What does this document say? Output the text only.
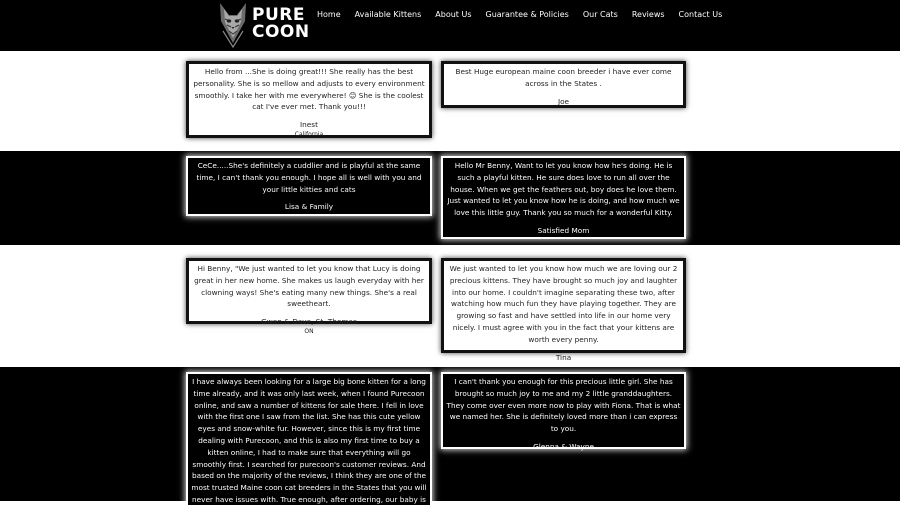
PURE
COON
Home Available Kittens About Us Guarantee & Policies Our Cats Reviews Contact Us
Hello from ...She is doing great!!! She really has the best personality. She is so mellow and adjusts to every environment smoothly. I take her with me everywhere! 😊 She is the coolest cat I've ever met. Thank you!!!
Inest
California
Best Huge european maine coon breeder i have ever come across in the States .
Joe
CeCe.....She's definitely a cuddlier and is playful at the same time, I can't thank you enough. I hope all is well with you and your little kitties and cats
Lisa & Family
Hello Mr Benny, Want to let you know how he's doing. He is such a playful kitten. He sure does love to run all over the house. When we get the feathers out, boy does he love them. Just wanted to let you know how he is doing, and how much we love this little guy. Thank you so much for a wonderful Kitty.
Satisfied Mom
Hi Benny, "We just wanted to let you know that Lucy is doing great in her new home. She makes us laugh everyday with her clowning ways! She's eating many new things. She's a real sweetheart.
Gwen & Dave, St. Thomas
ON
We just wanted to let you know how much we are loving our 2 precious kittens. They have brought so much joy and laughter into our home. I couldn't imagine separating these two, after watching how much fun they have playing together. They are growing so fast and have settled into life in our home very nicely. I must agree with you in the fact that your kittens are worth every penny.
Tina
I have always been looking for a large big bone kitten for a long time already, and it was only last week, when I found Purecoon online, and saw a number of kittens for sale there. I fell in love with the first one I saw from the list. She has this cute yellow eyes and snow-white fur. However, since this is my first time dealing with Purecoon, and this is also my first time to buy a kitten online, I had to make sure that everything will go smoothly first. I searched for purecoon's customer reviews. And based on the majority of the reviews, I think they are one of the most trusted Maine coon cat breeders in the States that you will never have issues with. True enough, after ordering, our baby is already here! She is the most fascinating little creature I have ever seen in my
I can't thank you enough for this precious little girl. She has brought so much joy to me and my 2 little granddaughters. They come over even more now to play with Fiona. That is what we named her. She is definitely loved more than i can express to you.
Glenna & Wayne
